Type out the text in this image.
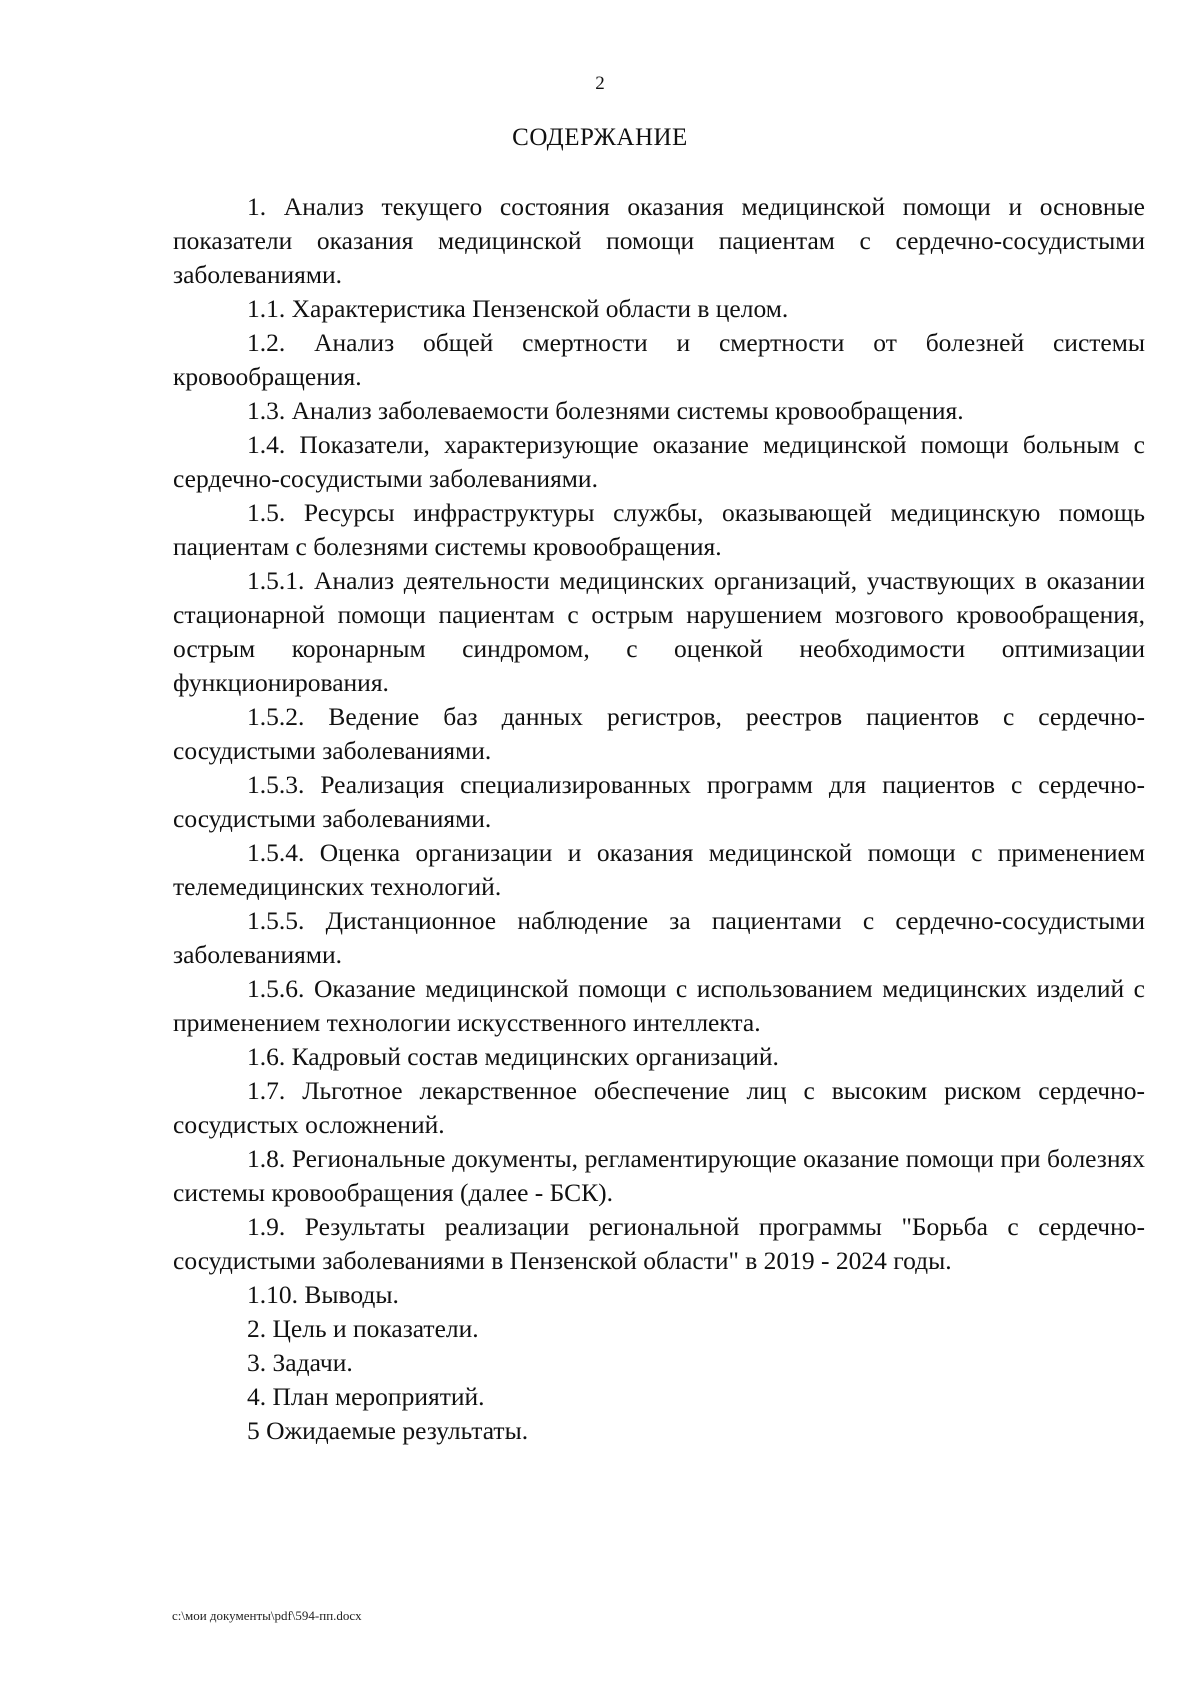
2
СОДЕРЖАНИЕ

1. Анализ текущего состояния оказания медицинской помощи и основные показатели оказания медицинской помощи пациентам с сердечно-сосудистыми заболеваниями.

1.1. Характеристика Пензенской области в целом.

1.2. Анализ общей смертности и смертности от болезней системы кровообращения.

1.3. Анализ заболеваемости болезнями системы кровообращения.

1.4. Показатели, характеризующие оказание медицинской помощи больным с сердечно-сосудистыми заболеваниями.

1.5. Ресурсы инфраструктуры службы, оказывающей медицинскую помощь пациентам с болезнями системы кровообращения.

1.5.1. Анализ деятельности медицинских организаций, участвующих в оказании стационарной помощи пациентам с острым нарушением мозгового кровообращения, острым коронарным синдромом, с оценкой необходимости оптимизации функционирования.

1.5.2. Ведение баз данных регистров, реестров пациентов с сердечно-сосудистыми заболеваниями.

1.5.3. Реализация специализированных программ для пациентов с сердечно-сосудистыми заболеваниями.

1.5.4. Оценка организации и оказания медицинской помощи с применением телемедицинских технологий.

1.5.5. Дистанционное наблюдение за пациентами с сердечно-сосудистыми заболеваниями.

1.5.6. Оказание медицинской помощи с использованием медицинских изделий с применением технологии искусственного интеллекта.

1.6. Кадровый состав медицинских организаций.

1.7. Льготное лекарственное обеспечение лиц с высоким риском сердечно-сосудистых осложнений.

1.8. Региональные документы, регламентирующие оказание помощи при болезнях системы кровообращения (далее - БСК).

1.9. Результаты реализации региональной программы "Борьба с сердечно-сосудистыми заболеваниями в Пензенской области" в 2019 - 2024 годы.

1.10. Выводы.

2. Цель и показатели.

3. Задачи.

4. План мероприятий.

5 Ожидаемые результаты.

c:\мои документы\pdf\594-пп.docx
